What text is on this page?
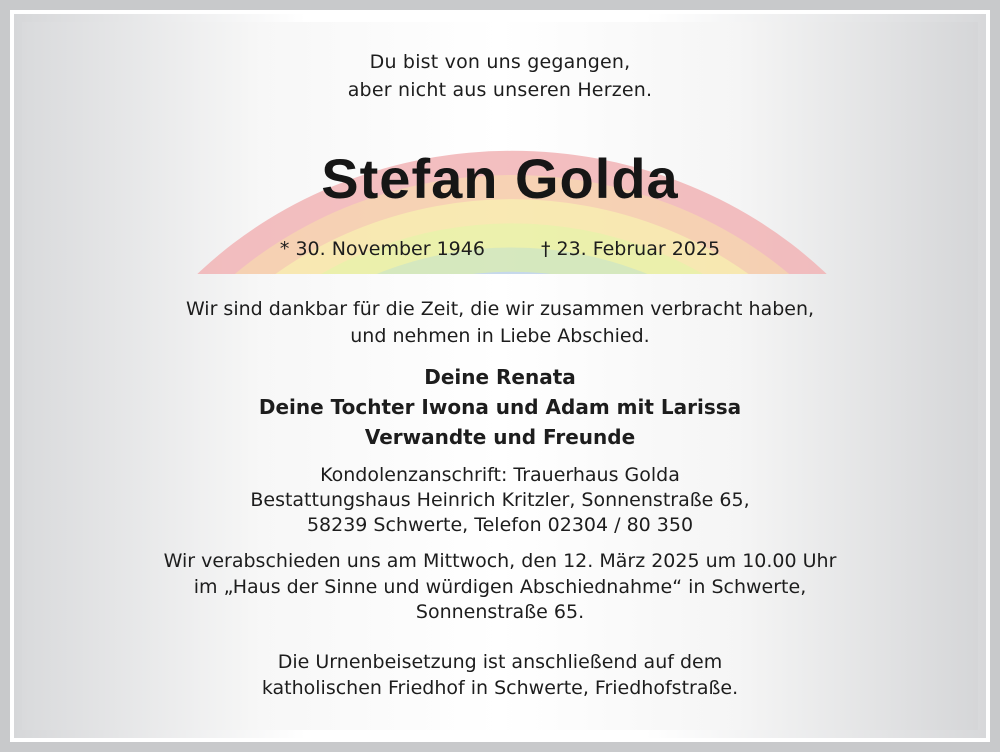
Du bist von uns gegangen,
aber nicht aus unseren Herzen.
Stefan Golda
* 30. November 1946	† 23. Februar 2025
Wir sind dankbar für die Zeit, die wir zusammen verbracht haben,
und nehmen in Liebe Abschied.
Deine Renata
Deine Tochter Iwona und Adam mit Larissa
Verwandte und Freunde
Kondolenzanschrift: Trauerhaus Golda
Bestattungshaus Heinrich Kritzler, Sonnenstraße 65,
58239 Schwerte, Telefon 02304 / 80 350
Wir verabschieden uns am Mittwoch, den 12. März 2025 um 10.00 Uhr
im „Haus der Sinne und würdigen Abschiednahme“ in Schwerte,
Sonnenstraße 65.
Die Urnenbeisetzung ist anschließend auf dem
katholischen Friedhof in Schwerte, Friedhofstraße.
